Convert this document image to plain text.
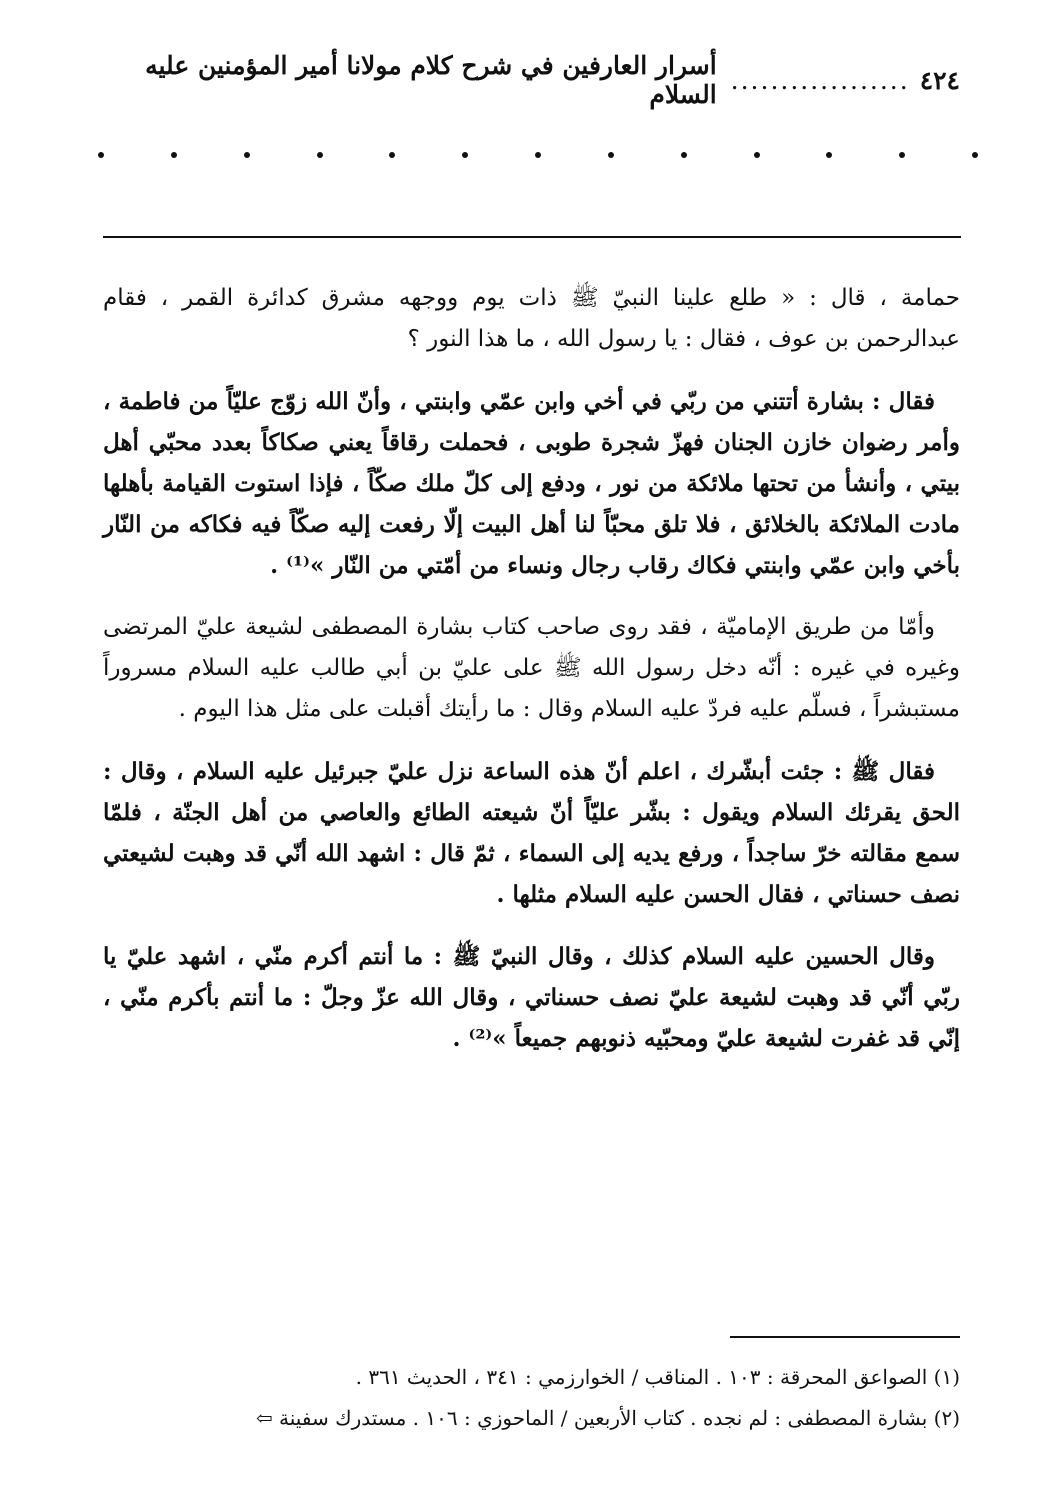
٤٢٤
..................
أسرار العارفين في شرح كلام مولانا أمير المؤمنين عليه السلام

حمامة ، قال : « طلع علينا النبيّ ﷺ ذات يوم ووجهه مشرق كدائرة القمر ، فقام عبدالرحمن بن عوف ، فقال : يا رسول الله ، ما هذا النور ؟

فقال : بشارة أتتني من ربّي في أخي وابن عمّي وابنتي ، وأنّ الله زوّج عليّاً من فاطمة ، وأمر رضوان خازن الجنان فهزّ شجرة طوبى ، فحملت رقاقاً يعني صكاكاً بعدد محبّي أهل بيتي ، وأنشأ من تحتها ملائكة من نور ، ودفع إلى كلّ ملك صكّاً ، فإذا استوت القيامة بأهلها مادت الملائكة بالخلائق ، فلا تلق محبّاً لنا أهل البيت إلّا رفعت إليه صكّاً فيه فكاكه من النّار بأخي وابن عمّي وابنتي فكاك رقاب رجال ونساء من أمّتي من النّار »⁽¹⁾ .

وأمّا من طريق الإماميّة ، فقد روى صاحب كتاب بشارة المصطفى لشيعة عليّ المرتضى وغيره في غيره : أنّه دخل رسول الله ﷺ على عليّ بن أبي طالب عليه السلام مسروراً مستبشراً ، فسلّم عليه فردّ عليه السلام وقال : ما رأيتك أقبلت على مثل هذا اليوم .

فقال ﷺ : جئت أبشّرك ، اعلم أنّ هذه الساعة نزل عليّ جبرئيل عليه السلام ، وقال : الحق يقرئك السلام ويقول : بشّر عليّاً أنّ شيعته الطائع والعاصي من أهل الجنّة ، فلمّا سمع مقالته خرّ ساجداً ، ورفع يديه إلى السماء ، ثمّ قال : اشهد الله أنّي قد وهبت لشيعتي نصف حسناتي ، فقال الحسن عليه السلام مثلها .

وقال الحسين عليه السلام كذلك ، وقال النبيّ ﷺ : ما أنتم أكرم منّي ، اشهد عليّ يا ربّي أنّي قد وهبت لشيعة عليّ نصف حسناتي ، وقال الله عزّ وجلّ : ما أنتم بأكرم منّي ، إنّي قد غفرت لشيعة عليّ ومحبّيه ذنوبهم جميعاً »⁽²⁾ .

(١) الصواعق المحرقة : ١٠٣ . المناقب / الخوارزمي : ٣٤١ ، الحديث ٣٦١ .
(٢) بشارة المصطفى : لم نجده . كتاب الأربعين / الماحوزي : ١٠٦ . مستدرك سفينة ⇦
